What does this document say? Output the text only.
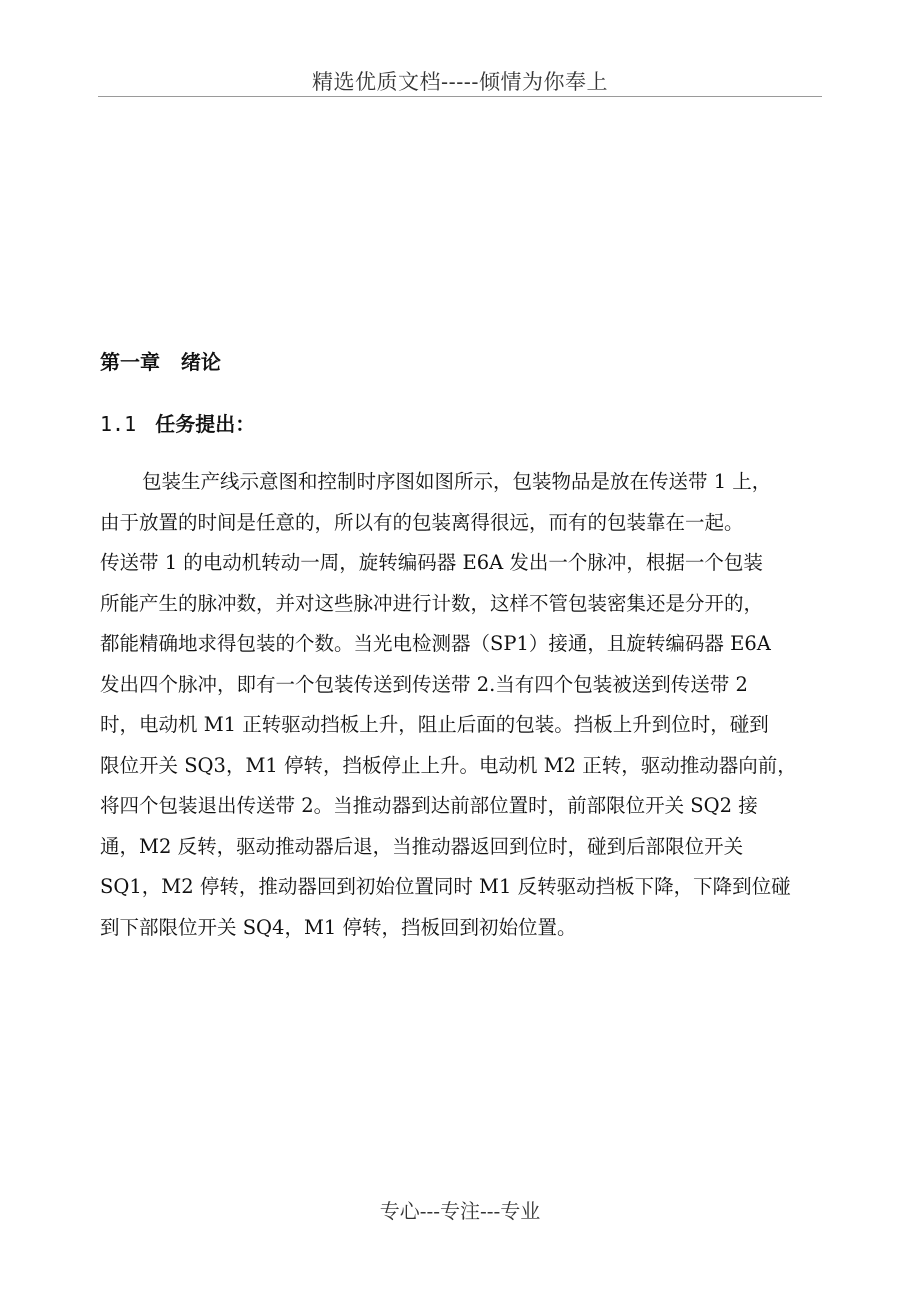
精选优质文档-----倾情为你奉上
第一章   绪论
1.1 任务提出：
包装生产线示意图和控制时序图如图所示，包装物品是放在传送带 1 上，
由于放置的时间是任意的，所以有的包装离得很远，而有的包装靠在一起。
传送带 1 的电动机转动一周，旋转编码器 E6A 发出一个脉冲，根据一个包装
所能产生的脉冲数，并对这些脉冲进行计数，这样不管包装密集还是分开的，
都能精确地求得包装的个数。当光电检测器（SP1）接通，且旋转编码器 E6A
发出四个脉冲，即有一个包装传送到传送带 2.当有四个包装被送到传送带 2
时，电动机 M1 正转驱动挡板上升，阻止后面的包装。挡板上升到位时，碰到
限位开关 SQ3，M1 停转，挡板停止上升。电动机 M2 正转，驱动推动器向前，
将四个包装退出传送带 2。当推动器到达前部位置时，前部限位开关 SQ2 接
通，M2 反转，驱动推动器后退，当推动器返回到位时，碰到后部限位开关
SQ1，M2 停转，推动器回到初始位置同时 M1 反转驱动挡板下降，下降到位碰
到下部限位开关 SQ4，M1 停转，挡板回到初始位置。
专心---专注---专业
